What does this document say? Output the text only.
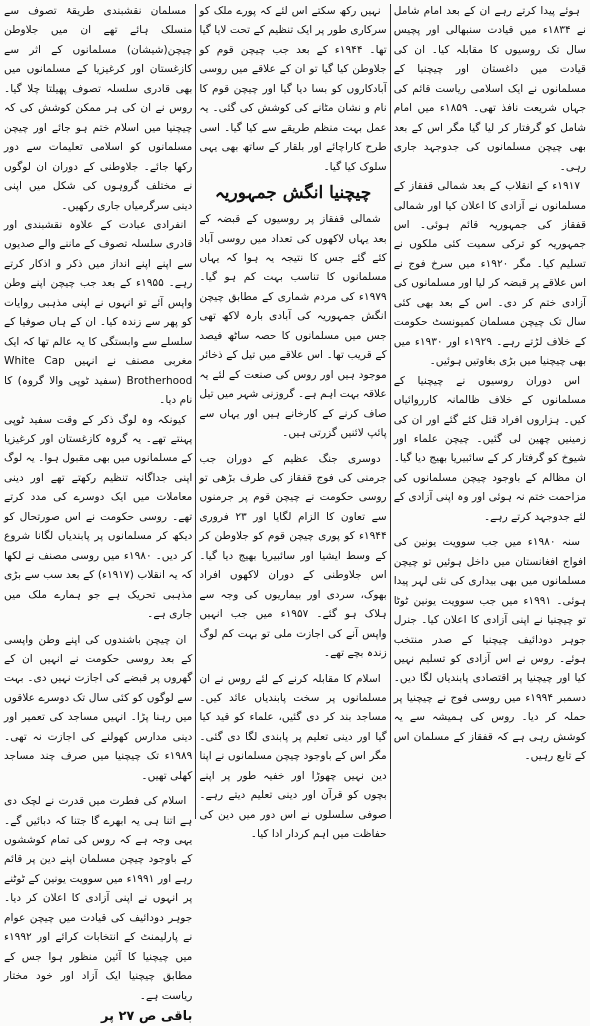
مسلمان نقشبندی طریقۂ تصوف سے منسلک ہائے تھے ان میں جلاوطن چیچن(شیشان) مسلمانوں کے اثر سے کازغستان اور کرغیزیا کے مسلمانوں میں بھی قادری سلسلہ تصوف پھیلتا چلا گیا۔ روس نے ان کی ہر ممکن کوشش کی کہ چیچنیا میں اسلام ختم ہو جائے اور چیچن مسلمانوں کو اسلامی تعلیمات سے دور رکھا جائے۔ جلاوطنی کے دوران ان لوگوں نے مختلف گروہوں کی شکل میں اپنی دینی سرگرمیاں جاری رکھیں۔

انفرادی عبادت کے علاوہ نقشبندی اور قادری سلسلہ تصوف کے ماننے والے صدیوں سے اپنے اپنے انداز میں ذکر و اذکار کرتے رہے۔ ۱۹۵۵ء کے بعد جب چیچن اپنے وطن واپس آئے تو انہوں نے اپنی مذہبی روایات کو پھر سے زندہ کیا۔ ان کے ہاں صوفیا کے سلسلے سے وابستگی کا یہ عالم تھا کہ ایک مغربی مصنف نے انہیں White Cap Brotherhood (سفید ٹوپی والا گروہ) کا نام دیا۔

کیونکہ وہ لوگ ذکر کے وقت سفید ٹوپی پہنتے تھے۔ یہ گروہ کازغستان اور کرغیزیا کے مسلمانوں میں بھی مقبول ہوا۔ یہ لوگ اپنی جداگانہ تنظیم رکھتے تھے اور دینی معاملات میں ایک دوسرے کی مدد کرتے تھے۔ روسی حکومت نے اس صورتحال کو دیکھ کر مسلمانوں پر پابندیاں لگانا شروع کر دیں۔ ۱۹۸۰ء میں روسی مصنف نے لکھا کہ یہ انقلاب (۱۹۱۷ء) کے بعد سب سے بڑی مذہبی تحریک ہے جو ہمارے ملک میں جاری ہے۔

ان چیچن باشندوں کی اپنے وطن واپسی کے بعد روسی حکومت نے انہیں ان کے گھروں پر قبضے کی اجازت نہیں دی۔ بہت سے لوگوں کو کئی سال تک دوسرے علاقوں میں رہنا پڑا۔ انہیں مساجد کی تعمیر اور دینی مدارس کھولنے کی اجازت نہ تھی۔ ۱۹۸۹ء تک چیچنیا میں صرف چند مساجد کھلی تھیں۔

اسلام کی فطرت میں قدرت نے لچک دی ہے اتنا ہی یہ ابھرے گا جتنا کہ دبائیں گے۔ یہی وجہ ہے کہ روس کی تمام کوششوں کے باوجود چیچن مسلمان اپنے دین پر قائم رہے اور ۱۹۹۱ء میں سوویت یونین کے ٹوٹنے پر انہوں نے اپنی آزادی کا اعلان کر دیا۔ جوہر دودائیف کی قیادت میں چیچن عوام نے پارلیمنٹ کے انتخابات کرائے اور ۱۹۹۲ء میں چیچنیا کا آئین منظور ہوا جس کے مطابق چیچنیا ایک آزاد اور خود مختار ریاست ہے۔

باقی ص ۲۷ پر

نہیں رکھ سکتے اس لئے کہ پورے ملک کو سرکاری طور پر ایک تنظیم کے تحت لایا گیا تھا۔ ۱۹۴۴ء کے بعد جب چیچن قوم کو جلاوطن کیا گیا تو ان کے علاقے میں روسی آبادکاروں کو بسا دیا گیا اور چیچن قوم کا نام و نشان مٹانے کی کوشش کی گئی۔ یہ عمل بہت منظم طریقے سے کیا گیا۔ اسی طرح کاراچائے اور بلقار کے ساتھ بھی یہی سلوک کیا گیا۔

چیچنیا انگش جمہوریہ

شمالی قفقاز پر روسیوں کے قبضہ کے بعد یہاں لاکھوں کی تعداد میں روسی آباد کئے گئے جس کا نتیجہ یہ ہوا کہ یہاں مسلمانوں کا تناسب بہت کم ہو گیا۔ ۱۹۷۹ء کی مردم شماری کے مطابق چیچن انگش جمہوریہ کی آبادی بارہ لاکھ تھی جس میں مسلمانوں کا حصہ ساٹھ فیصد کے قریب تھا۔ اس علاقے میں تیل کے ذخائر موجود ہیں اور روس کی صنعت کے لئے یہ علاقہ بہت اہم ہے۔ گروزنی شہر میں تیل صاف کرنے کے کارخانے ہیں اور یہاں سے پائپ لائنیں گزرتی ہیں۔

دوسری جنگ عظیم کے دوران جب جرمنی کی فوج قفقاز کی طرف بڑھی تو روسی حکومت نے چیچن قوم پر جرمنوں سے تعاون کا الزام لگایا اور ۲۳ فروری ۱۹۴۴ء کو پوری چیچن قوم کو جلاوطن کر کے وسط ایشیا اور سائبیریا بھیج دیا گیا۔ اس جلاوطنی کے دوران لاکھوں افراد بھوک، سردی اور بیماریوں کی وجہ سے ہلاک ہو گئے۔ ۱۹۵۷ء میں جب انہیں واپس آنے کی اجازت ملی تو بہت کم لوگ زندہ بچے تھے۔

اسلام کا مقابلہ کرنے کے لئے روس نے ان مسلمانوں پر سخت پابندیاں عائد کیں۔ مساجد بند کر دی گئیں، علماء کو قید کیا گیا اور دینی تعلیم پر پابندی لگا دی گئی۔ مگر اس کے باوجود چیچن مسلمانوں نے اپنا دین نہیں چھوڑا اور خفیہ طور پر اپنے بچوں کو قرآن اور دینی تعلیم دیتے رہے۔ صوفی سلسلوں نے اس دور میں دین کی حفاظت میں اہم کردار ادا کیا۔

ہوئے پیدا کرتے رہے ان کے بعد امام شامل نے ۱۸۳۴ء میں قیادت سنبھالی اور پچیس سال تک روسیوں کا مقابلہ کیا۔ ان کی قیادت میں داغستان اور چیچنیا کے مسلمانوں نے ایک اسلامی ریاست قائم کی جہاں شریعت نافذ تھی۔ ۱۸۵۹ء میں امام شامل کو گرفتار کر لیا گیا مگر اس کے بعد بھی چیچن مسلمانوں کی جدوجہد جاری رہی۔

۱۹۱۷ء کے انقلاب کے بعد شمالی قفقاز کے مسلمانوں نے آزادی کا اعلان کیا اور شمالی قفقاز کی جمہوریہ قائم ہوئی۔ اس جمہوریہ کو ترکی سمیت کئی ملکوں نے تسلیم کیا۔ مگر ۱۹۲۰ء میں سرخ فوج نے اس علاقے پر قبضہ کر لیا اور مسلمانوں کی آزادی ختم کر دی۔ اس کے بعد بھی کئی سال تک چیچن مسلمان کمیونسٹ حکومت کے خلاف لڑتے رہے۔ ۱۹۲۹ء اور ۱۹۳۰ء میں بھی چیچنیا میں بڑی بغاوتیں ہوئیں۔

اس دوران روسیوں نے چیچنیا کے مسلمانوں کے خلاف ظالمانہ کارروائیاں کیں۔ ہزاروں افراد قتل کئے گئے اور ان کی زمینیں چھین لی گئیں۔ چیچن علماء اور شیوخ کو گرفتار کر کے سائبیریا بھیج دیا گیا۔ ان مظالم کے باوجود چیچن مسلمانوں کی مزاحمت ختم نہ ہوئی اور وہ اپنی آزادی کے لئے جدوجہد کرتے رہے۔

سنہ ۱۹۸۰ء میں جب سوویت یونین کی افواج افغانستان میں داخل ہوئیں تو چیچن مسلمانوں میں بھی بیداری کی نئی لہر پیدا ہوئی۔ ۱۹۹۱ء میں جب سوویت یونین ٹوٹا تو چیچنیا نے اپنی آزادی کا اعلان کیا۔ جنرل جوہر دودائیف چیچنیا کے صدر منتخب ہوئے۔ روس نے اس آزادی کو تسلیم نہیں کیا اور چیچنیا پر اقتصادی پابندیاں لگا دیں۔ دسمبر ۱۹۹۴ء میں روسی فوج نے چیچنیا پر حملہ کر دیا۔ روس کی ہمیشہ سے یہ کوشش رہی ہے کہ قفقاز کے مسلمان اس کے تابع رہیں۔
